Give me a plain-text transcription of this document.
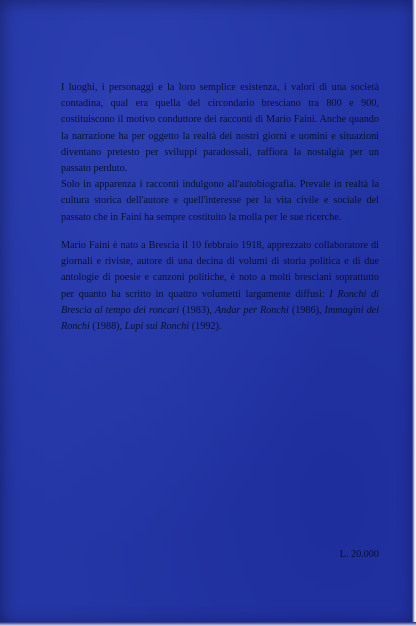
I luoghi, i personaggi e la loro semplice esistenza, i valori di una società contadina, qual era quella del circondario bresciano tra 800 e 900, costituiscono il motivo conduttore dei racconti di Mario Faini. Anche quando la narrazione ha per oggetto la realtà dei nostri giorni e uomini e situazioni diventano pretesto per sviluppi paradossali, raffiora la nostalgia per un passato perduto.

Solo in apparenza i racconti indulgono all'autobiografia. Prevale in realtà la cultura storica dell'autore e quell'interesse per la vita civile e sociale del passato che in Faini ha sempre costituito la molla per le sue ricerche.

Mario Faini è nato a Brescia il 10 febbraio 1918, apprezzato collaboratore di giornali e riviste, autore di una decina di volumi di storia politica e di due antologie di poesie e canzoni politiche, è noto a molti bresciani soprattutto per quanto ha scritto in quattro volumetti largamente diffusi: I Ronchi di Brescia al tempo dei roncari (1983), Andar per Ronchi (1986), Immagini dei Ronchi (1988), Lupi sui Ronchi (1992).

L. 20.000
